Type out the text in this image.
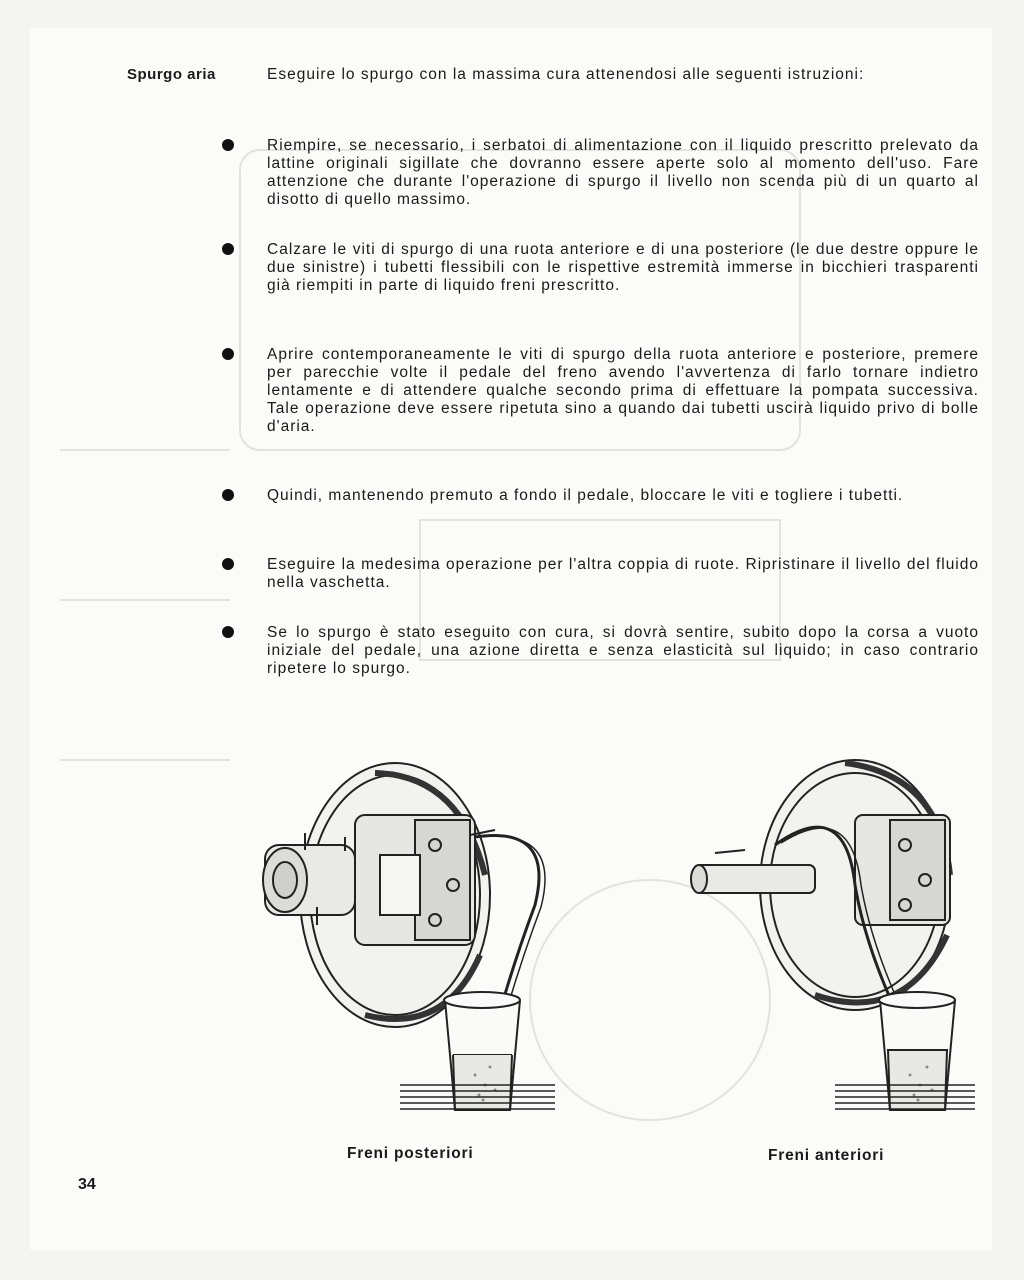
Spurgo aria	Eseguire lo spurgo con la massima cura attenendosi alle seguenti istruzioni:
Riempire, se necessario, i serbatoi di alimentazione con il liquido prescritto prelevato da lattine originali sigillate che dovranno essere aperte solo al momento dell'uso. Fare attenzione che durante l'operazione di spurgo il livello non scenda più di un quarto al disotto di quello massimo.
Calzare le viti di spurgo di una ruota anteriore e di una posteriore (le due destre oppure le due sinistre) i tubetti flessibili con le rispettive estremità immerse in bicchieri trasparenti già riempiti in parte di liquido freni prescritto.
Aprire contemporaneamente le viti di spurgo della ruota anteriore e posteriore, premere per parecchie volte il pedale del freno avendo l'avvertenza di farlo tornare indietro lentamente e di attendere qualche secondo prima di effettuare la pompata successiva. Tale operazione deve essere ripetuta sino a quando dai tubetti uscirà liquido privo di bolle d'aria.
Quindi, mantenendo premuto a fondo il pedale, bloccare le viti e togliere i tubetti.
Eseguire la medesima operazione per l'altra coppia di ruote. Ripristinare il livello del fluido nella vaschetta.
Se lo spurgo è stato eseguito con cura, si dovrà sentire, subito dopo la corsa a vuoto iniziale del pedale, una azione diretta e senza elasticità sul liquido; in caso contrario ripetere lo spurgo.
Freni posteriori	Freni anteriori
34
